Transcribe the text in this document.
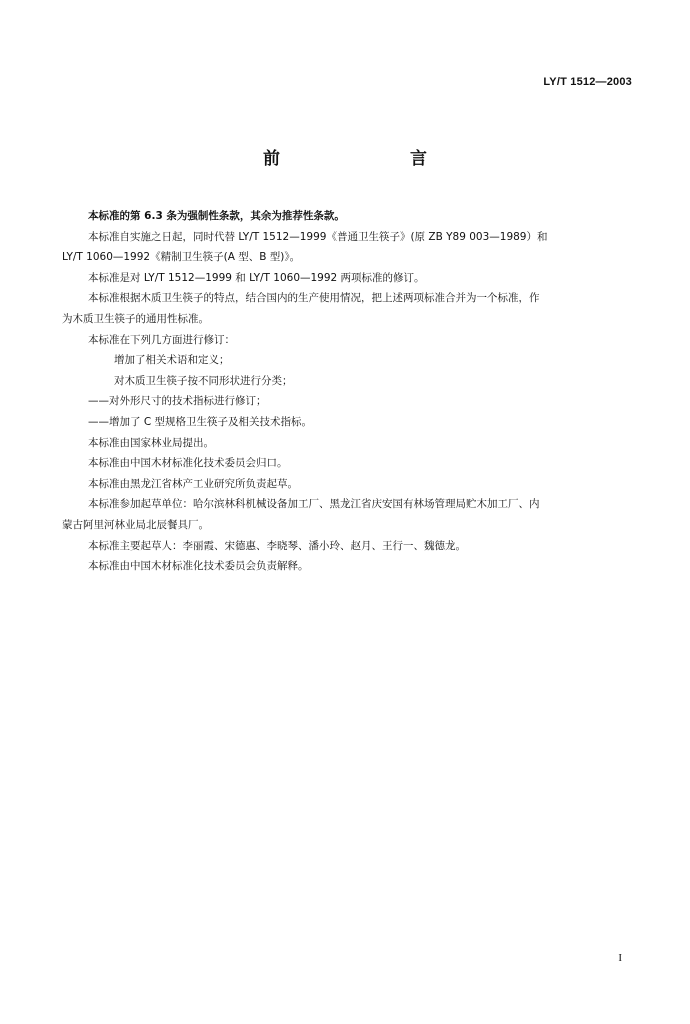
LY/T 1512—2003
前　　言

本标准的第 6.3 条为强制性条款，其余为推荐性条款。

本标准自实施之日起，同时代替 LY/T 1512—1999《普通卫生筷子》(原 ZB Y89 003—1989）和

LY/T 1060—1992《精制卫生筷子(A 型、B 型)》。

本标准是对 LY/T 1512—1999 和 LY/T 1060—1992 两项标准的修订。

本标准根据木质卫生筷子的特点，结合国内的生产使用情况，把上述两项标准合并为一个标准，作

为木质卫生筷子的通用性标准。

本标准在下列几方面进行修订：

增加了相关术语和定义；

对木质卫生筷子按不同形状进行分类；

——对外形尺寸的技术指标进行修订；

——增加了 C 型规格卫生筷子及相关技术指标。

本标准由国家林业局提出。

本标准由中国木材标准化技术委员会归口。

本标准由黑龙江省林产工业研究所负责起草。

本标准参加起草单位：哈尔滨林科机械设备加工厂、黑龙江省庆安国有林场管理局贮木加工厂、内

蒙古阿里河林业局北辰餐具厂。

本标准主要起草人：李丽霞、宋德惠、李晓琴、潘小玲、赵月、王行一、魏德龙。

本标准由中国木材标准化技术委员会负责解释。

I
